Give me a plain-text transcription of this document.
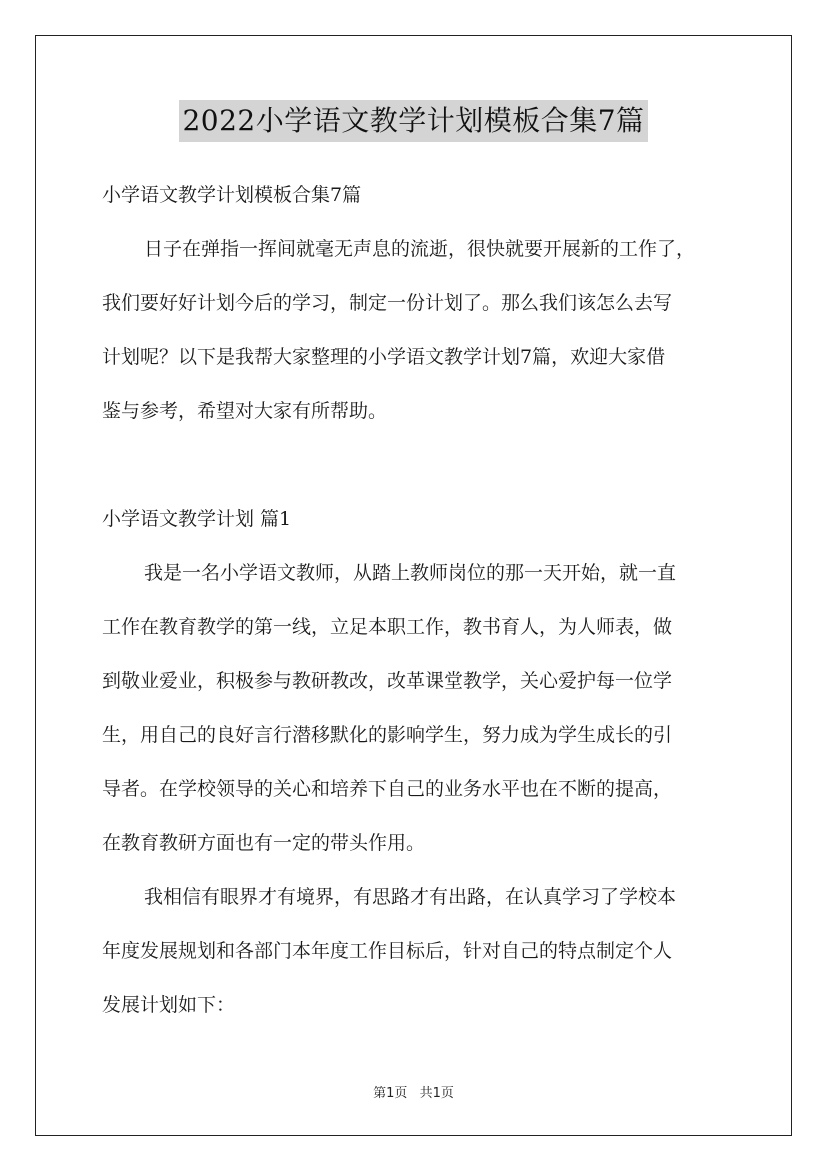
2022小学语文教学计划模板合集7篇
小学语文教学计划模板合集7篇
日子在弹指一挥间就毫无声息的流逝，很快就要开展新的工作了，
我们要好好计划今后的学习，制定一份计划了。那么我们该怎么去写
计划呢？以下是我帮大家整理的小学语文教学计划7篇，欢迎大家借
鉴与参考，希望对大家有所帮助。
小学语文教学计划 篇1
我是一名小学语文教师，从踏上教师岗位的那一天开始，就一直
工作在教育教学的第一线，立足本职工作，教书育人，为人师表，做
到敬业爱业，积极参与教研教改，改革课堂教学，关心爱护每一位学
生，用自己的良好言行潜移默化的影响学生，努力成为学生成长的引
导者。在学校领导的关心和培养下自己的业务水平也在不断的提高，
在教育教研方面也有一定的带头作用。
我相信有眼界才有境界，有思路才有出路，在认真学习了学校本
年度发展规划和各部门本年度工作目标后，针对自己的特点制定个人
发展计划如下：
第1页 共1页
